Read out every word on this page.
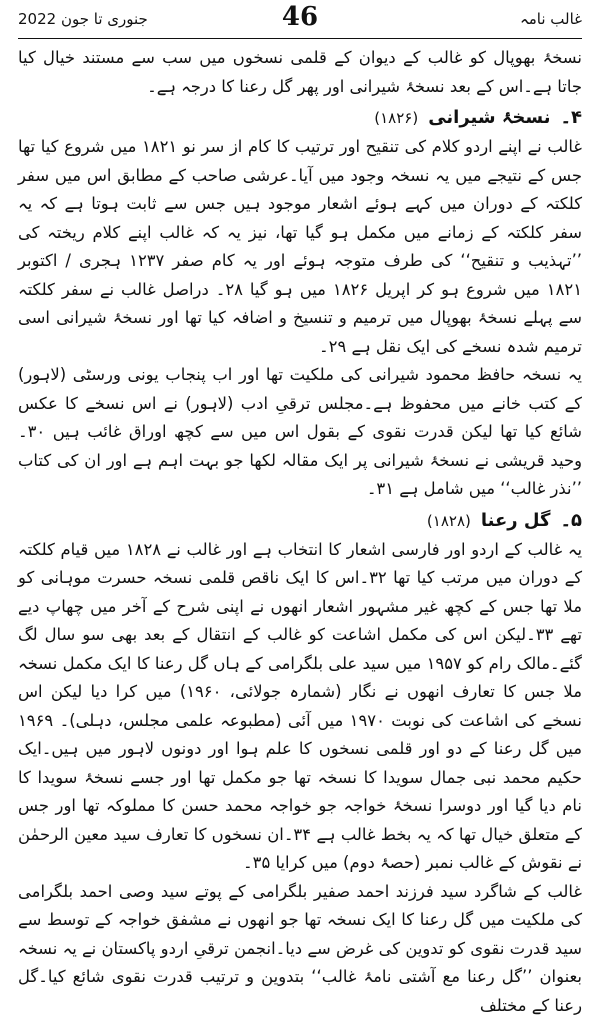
غالب نامہ
46
جنوری تا جون 2022

نسخۂ بھوپال کو غالب کے دیوان کے قلمی نسخوں میں سب سے مستند خیال کیا جاتا ہے۔اس کے بعد نسخۂ شیرانی اور پھر گل رعنا کا درجہ ہے۔

۴۔
نسخۂ شیرانی
(۱۸۲۶)

غالب نے اپنے اردو کلام کی تنقیح اور ترتیب کا کام از سر نو ۱۸۲۱ میں شروع کیا تھا جس کے نتیجے میں یہ نسخہ وجود میں آیا۔عرشی صاحب کے مطابق اس میں سفر کلکتہ کے دوران میں کہے ہوئے اشعار موجود ہیں جس سے ثابت ہوتا ہے کہ یہ سفر کلکتہ کے زمانے میں مکمل ہو گیا تھا، نیز یہ کہ غالب اپنے کلام ریختہ کی ’’تہذیب و تنقیح‘‘ کی طرف متوجہ ہوئے اور یہ کام صفر ۱۲۳۷ ہجری / اکتوبر ۱۸۲۱ میں شروع ہو کر اپریل ۱۸۲۶ میں ہو گیا ۲۸۔ دراصل غالب نے سفر کلکتہ سے پہلے نسخۂ بھوپال میں ترمیم و تنسیخ و اضافہ کیا تھا اور نسخۂ شیرانی اسی ترمیم شدہ نسخے کی ایک نقل ہے ۲۹۔

یہ نسخہ حافظ محمود شیرانی کی ملکیت تھا اور اب پنجاب یونی ورسٹی (لاہور) کے کتب خانے میں محفوظ ہے۔مجلس ترقیِ ادب (لاہور) نے اس نسخے کا عکس شائع کیا تھا لیکن قدرت نقوی کے بقول اس میں سے کچھ اوراق غائب ہیں ۳۰۔ وحید قریشی نے نسخۂ شیرانی پر ایک مقالہ لکھا جو بہت اہم ہے اور ان کی کتاب ’’نذر غالب‘‘ میں شامل ہے ۳۱۔

۵۔
گل رعنا
(۱۸۲۸)

یہ غالب کے اردو اور فارسی اشعار کا انتخاب ہے اور غالب نے ۱۸۲۸ میں قیام کلکتہ کے دوران میں مرتب کیا تھا ۳۲۔اس کا ایک ناقص قلمی نسخہ حسرت موہانی کو ملا تھا جس کے کچھ غیر مشہور اشعار انھوں نے اپنی شرح کے آخر میں چھاپ دیے تھے ۳۳۔لیکن اس کی مکمل اشاعت کو غالب کے انتقال کے بعد بھی سو سال لگ گئے۔مالک رام کو ۱۹۵۷ میں سید علی بلگرامی کے ہاں گل رعنا کا ایک مکمل نسخہ ملا جس کا تعارف انھوں نے نگار (شمارہ جولائی، ۱۹۶۰) میں کرا دیا لیکن اس نسخے کی اشاعت کی نوبت ۱۹۷۰ میں آئی (مطبوعہ علمی مجلس، دہلی)۔ ۱۹۶۹ میں گل رعنا کے دو اور قلمی نسخوں کا علم ہوا اور دونوں لاہور میں ہیں۔ایک حکیم محمد نبی جمال سویدا کا نسخہ تھا جو مکمل تھا اور جسے نسخۂ سویدا کا نام دیا گیا اور دوسرا نسخۂ خواجہ جو خواجہ محمد حسن کا مملوکہ تھا اور جس کے متعلق خیال تھا کہ یہ بخط غالب ہے ۳۴۔ان نسخوں کا تعارف سید معین الرحمٰن نے نقوش کے غالب نمبر (حصۂ دوم) میں کرایا ۳۵۔

غالب کے شاگرد سید فرزند احمد صفیر بلگرامی کے پوتے سید وصی احمد بلگرامی کی ملکیت میں گل رعنا کا ایک نسخہ تھا جو انھوں نے مشفق خواجہ کے توسط سے سید قدرت نقوی کو تدوین کی غرض سے دیا۔انجمن ترقیِ اردو پاکستان نے یہ نسخہ بعنوان ’’گل رعنا مع آشتی نامۂ غالب‘‘ بتدوین و ترتیب قدرت نقوی شائع کیا۔گل رعنا کے مختلف
